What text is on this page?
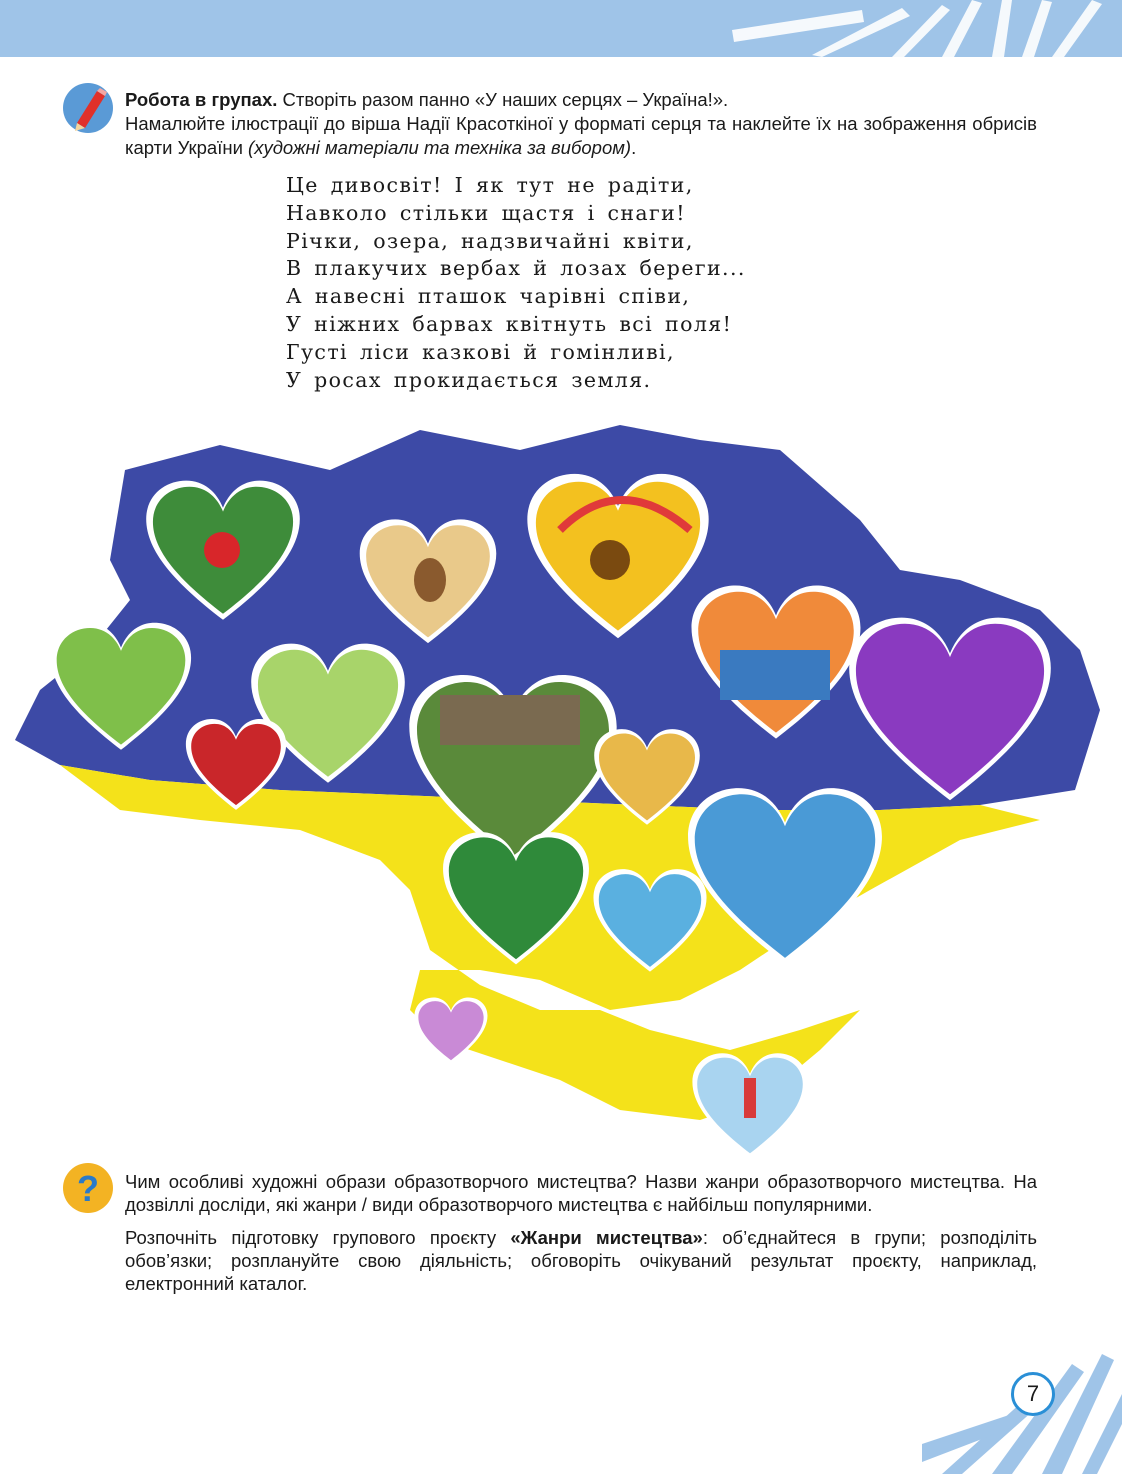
Робота в групах. Створіть разом панно «У наших серцях – Україна!».
Намалюйте ілюстрації до вірша Надії Красоткіної у форматі серця та наклейте їх на зображення обрисів карти України (художні матеріали та техніка за вибором).
Це дивосвіт! І як тут не радіти,
Навколо стільки щастя і снаги!
Річки, озера, надзвичайні квіти,
В плакучих вербах й лозах береги...
А навесні пташок чарівні співи,
У ніжних барвах квітнуть всі поля!
Густі ліси казкові й гомінливі,
У росах прокидається земля.
? Чим особливі художні образи образотворчого мистецтва? Назви жанри образотворчого мистецтва. На дозвіллі досліди, які жанри / види образотворчого мистецтва є найбільш популярними.

Розпочніть підготовку групового проєкту «Жанри мистецтва»: об’єднайтеся в групи; розподіліть обов’язки; розплануйте свою діяльність; обговоріть очікуваний результат проєкту, наприклад, електронний каталог.

7
